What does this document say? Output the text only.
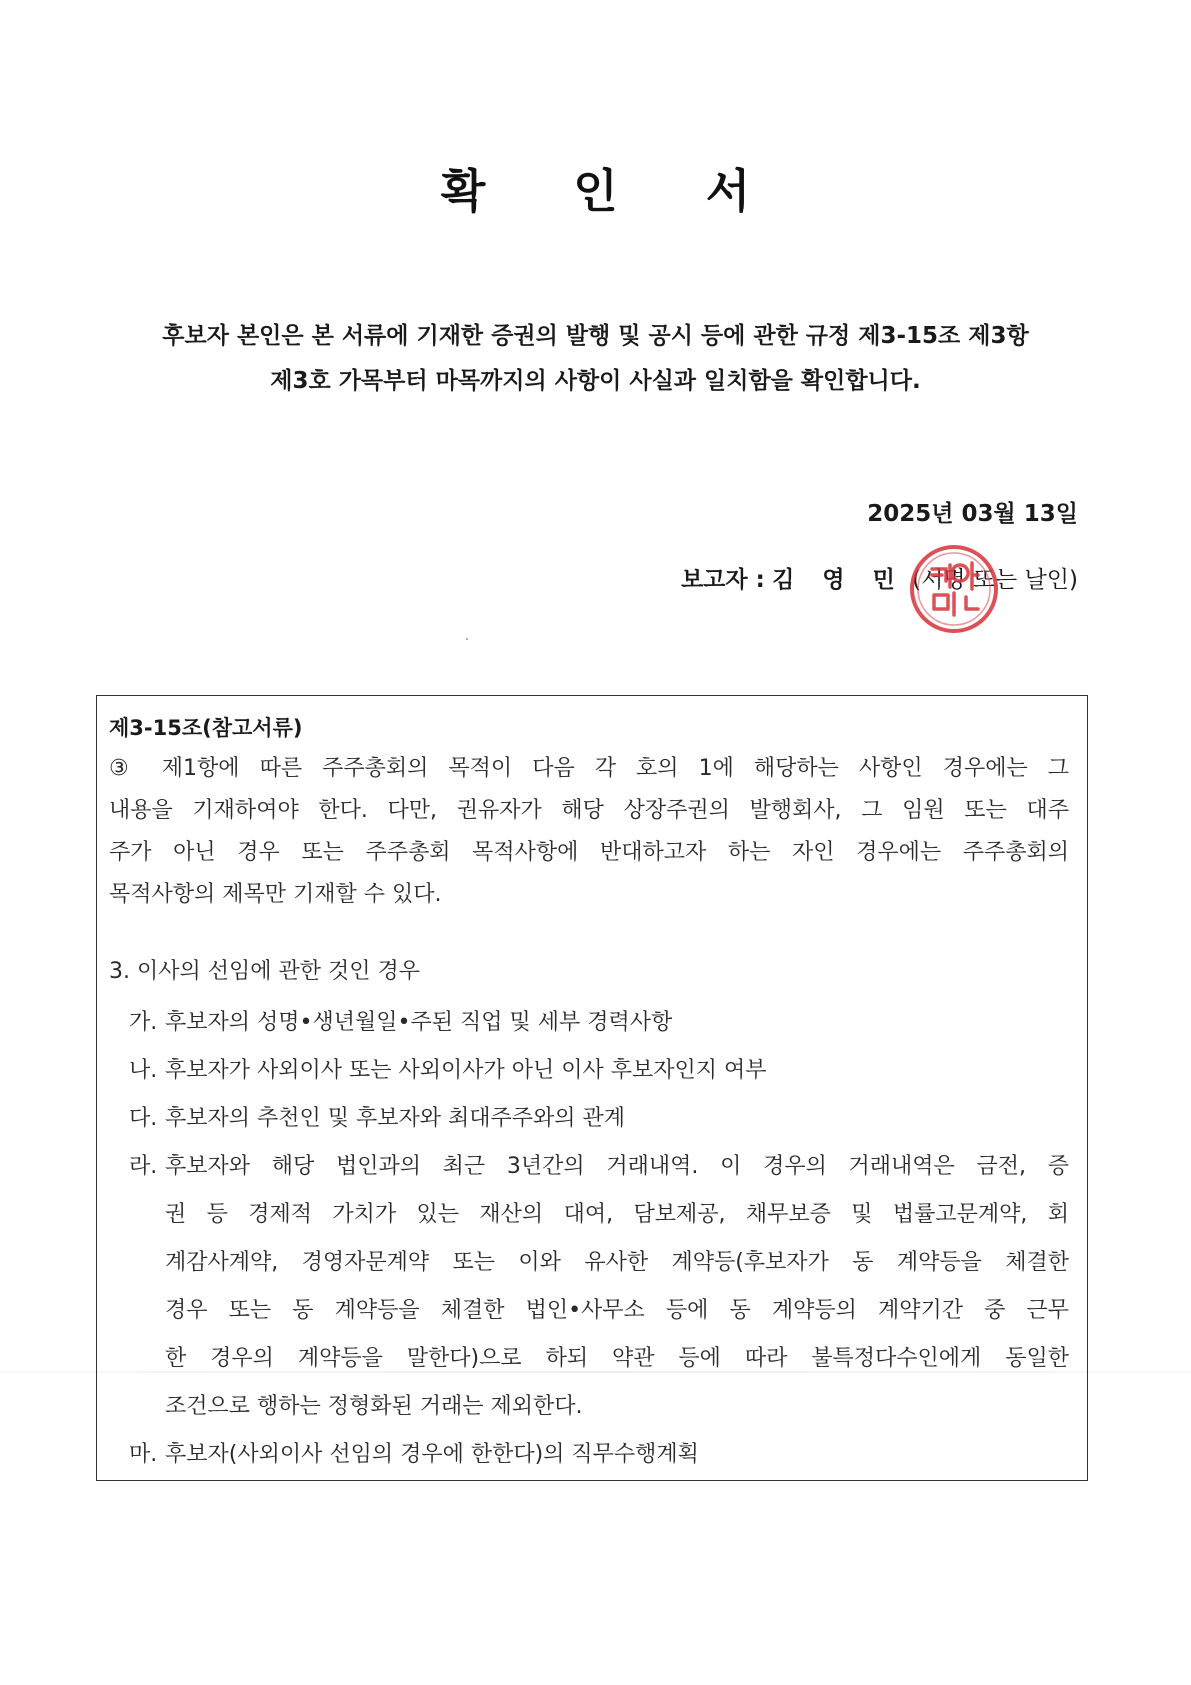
확 인 서
후보자 본인은 본 서류에 기재한 증권의 발행 및 공시 등에 관한 규정 제3-15조 제3항
제3호 가목부터 마목까지의 사항이 사실과 일치함을 확인합니다.
2025년 03월 13일
보고자 : 김 영 민 (서명 또는 날인)
제3-15조(참고서류)
③ 제1항에 따른 주주총회의 목적이 다음 각 호의 1에 해당하는 사항인 경우에는 그
내용을 기재하여야 한다. 다만, 권유자가 해당 상장주권의 발행회사, 그 임원 또는 대주
주가 아닌 경우 또는 주주총회 목적사항에 반대하고자 하는 자인 경우에는 주주총회의
목적사항의 제목만 기재할 수 있다.
3. 이사의 선임에 관한 것인 경우
가. 후보자의 성명•생년월일•주된 직업 및 세부 경력사항
나. 후보자가 사외이사 또는 사외이사가 아닌 이사 후보자인지 여부
다. 후보자의 추천인 및 후보자와 최대주주와의 관계
라. 후보자와 해당 법인과의 최근 3년간의 거래내역. 이 경우의 거래내역은 금전, 증
권 등 경제적 가치가 있는 재산의 대여, 담보제공, 채무보증 및 법률고문계약, 회
계감사계약, 경영자문계약 또는 이와 유사한 계약등(후보자가 동 계약등을 체결한
경우 또는 동 계약등을 체결한 법인•사무소 등에 동 계약등의 계약기간 중 근무
한 경우의 계약등을 말한다)으로 하되 약관 등에 따라 불특정다수인에게 동일한
조건으로 행하는 정형화된 거래는 제외한다.
마. 후보자(사외이사 선임의 경우에 한한다)의 직무수행계획
